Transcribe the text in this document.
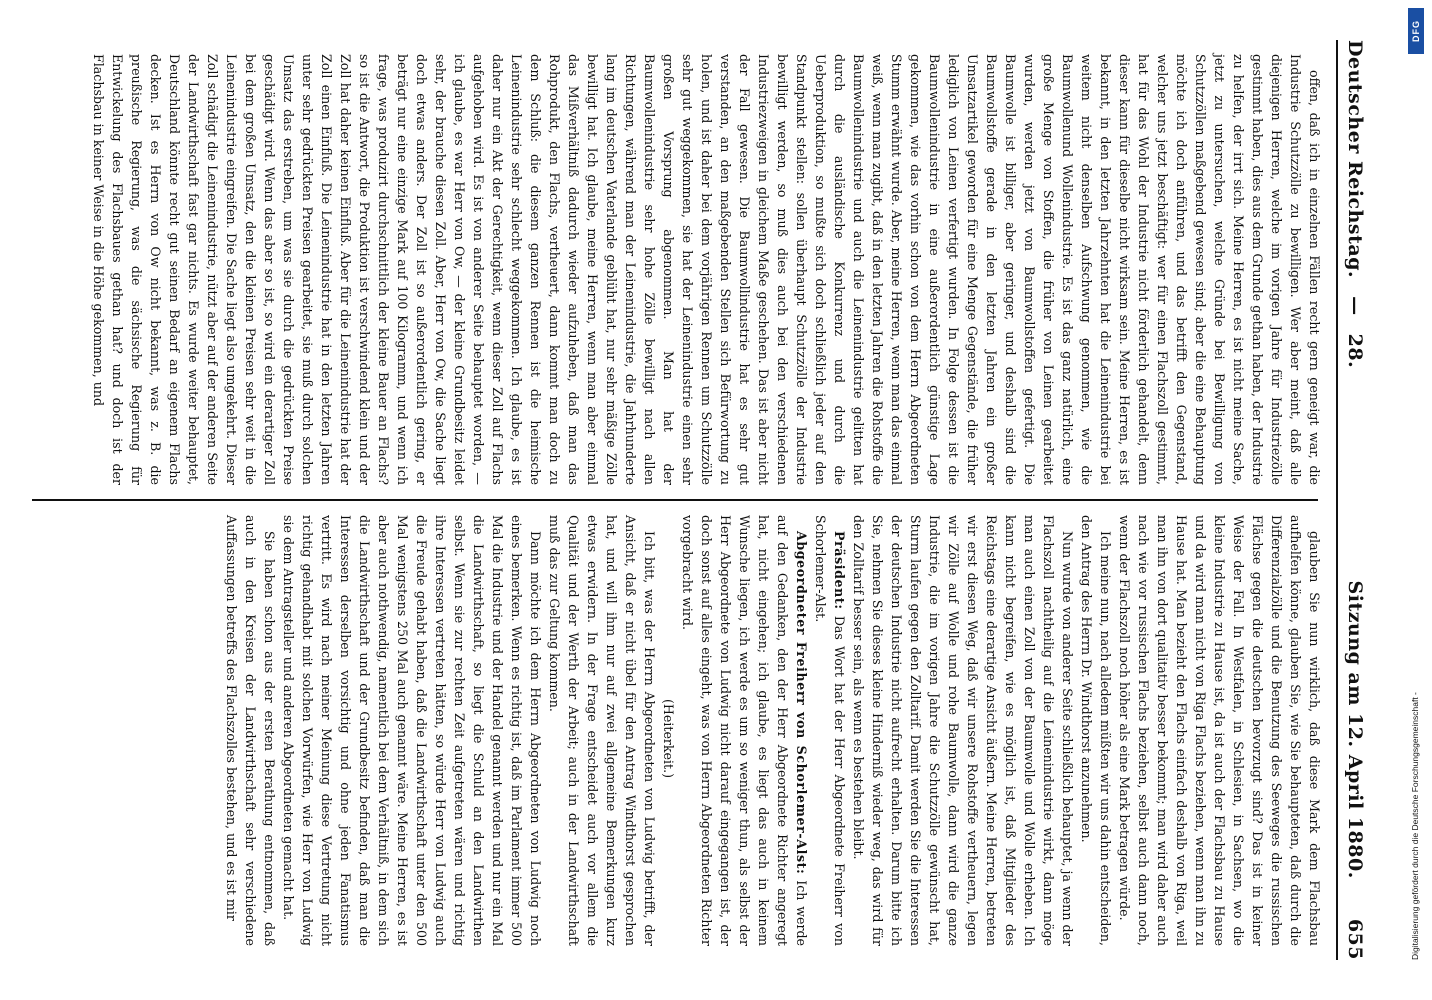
Deutscher Reichstag.
—
28.
Sitzung am 12. April 1880.
655

offen, daß ich in einzelnen Fällen recht gern geneigt war, die Industrie Schutzzölle zu bewilligen. Wer aber meint, daß alle diejenigen Herren, welche im vorigen Jahre für Industriezölle gestimmt haben, dies aus dem Grunde gethan haben, der Industrie zu helfen, der irrt sich. Meine Herren, es ist nicht meine Sache, jetzt zu untersuchen, welche Gründe bei Bewilligung von Schutzzöllen maßgebend gewesen sind; aber die eine Behauptung möchte ich doch anführen, und das betrifft den Gegenstand, welcher uns jetzt beschäftigt: wer für einen Flachszoll gestimmt, hat für das Wohl der Industrie nicht förderlich gehandelt, denn dieser kann für dieselbe nicht wirksam sein. Meine Herren, es ist bekannt, in den letzten Jahrzehnten hat die Leinenindustrie bei weitem nicht denselben Aufschwung genommen, wie die Baumwollenund Wollenindustrie. Es ist das ganz natürlich, eine große Menge von Stoffen, die früher von Leinen gearbeitet wurden, werden jetzt von Baumwollstoffen gefertigt. Die Baumwolle ist billiger, aber geringer, und deshalb sind die Baumwollstoffe gerade in den letzten Jahren ein großer Umsatzartikel geworden für eine Menge Gegenstände, die früher lediglich von Leinen verfertigt wurden. In Folge dessen ist die Baumwollenindustrie in eine außerordentlich günstige Lage gekommen, wie das vorhin schon von dem Herrn Abgeordneten Stumm erwähnt wurde. Aber, meine Herren, wenn man das einmal weiß, wenn man zugibt, daß in den letzten Jahren die Rohstoffe die Baumwollenindustrie und auch die Leinenindustrie gelitten hat durch die ausländische Konkurrenz und durch die Ueberproduktion, so mußte sich doch schließlich jeder auf den Standpunkt stellen: sollen überhaupt Schutzzölle der Industrie bewilligt werden, so muß dies auch bei den verschiedenen Industriezweigen in gleichem Maße geschehen. Das ist aber nicht der Fall gewesen. Die Baumwollindustrie hat es sehr gut verstanden, an den maßgebenden Stellen sich Befürwortung zu holen, und ist daher bei dem vorjährigen Rennen um Schutzzölle sehr gut weggekommen, sie hat der Leinenindustrie einen sehr großen Vorsprung abgenommen. Man hat der Baumwollenindustrie sehr hohe Zölle bewilligt nach allen Richtungen, während man der Leinenindustrie, die Jahrhunderte lang im deutschen Vaterlande geblüht hat, nur sehr mäßige Zölle bewilligt hat. Ich glaube, meine Herren, wenn man aber einmal das Mißverhältniß dadurch wieder aufzuheben, daß man das Rohprodukt, den Flachs, vertheuert, dann kommt man doch zu dem Schluß: die diesem ganzen Rennen ist die heimische Leinenindustrie sehr schlecht weggekommen. Ich glaube, es ist daher nur ein Akt der Gerechtigkeit, wenn dieser Zoll auf Flachs aufgehoben wird. Es ist von anderer Seite behauptet worden, — ich glaube, es war Herr von Ow, — der kleine Grundbesitz leidet sehr, der brauche diesen Zoll. Aber, Herr von Ow, die Sache liegt doch etwas anders. Der Zoll ist so außerordentlich gering, er beträgt nur eine einzige Mark auf 100 Kilogramm, und wenn ich frage, was produzirt durchschnittlich der kleine Bauer an Flachs? so ist die Antwort, die Produktion ist verschwindend klein und der Zoll hat daher keinen Einfluß. Aber für die Leinenindustrie hat der Zoll einen Einfluß. Die Leinenindustrie hat in den letzten Jahren unter sehr gedrückten Preisen gearbeitet, sie muß durch solchen Umsatz das erstreben, um was sie durch die gedrückten Preise geschädigt wird. Wenn das aber so ist, so wird ein derartiger Zoll bei dem großen Umsatz, den die kleinen Preisen sehr weit in die Leinenindustrie eingreifen. Die Sache liegt also umgekehrt. Dieser Zoll schädigt die Leinenindustrie, nützt aber auf der anderen Seite der Landwirthschaft fast gar nichts. Es wurde weiter behauptet, Deutschland könnte recht gut seinen Bedarf an eigenem Flachs decken. Ist es Herrn von Ow nicht bekannt, was z. B. die preußische Regierung, was die sächsische Regierung für Entwickelung des Flachsbaues gethan hat? und doch ist der Flachsbau in keiner Weise in die Höhe gekommen, und

glauben Sie nun wirklich, daß diese Mark dem Flachsbau aufhelfen könne, glauben Sie, wie Sie behaupteten, daß durch die Differenzialzölle und die Benutzung des Seeweges die russischen Flächse gegen die deutschen bevorzugt sind? Das ist in keiner Weise der Fall. In Westfalen, in Schlesien, in Sachsen, wo die kleine Industrie zu Hause ist, da ist auch der Flachsbau zu Hause und da wird man nicht von Riga Flachs beziehen, wenn man ihn zu Hause hat. Man bezieht den Flachs einfach deshalb von Riga, weil man ihn von dort qualitativ besser bekommt; man wird daher auch nach wie vor russischen Flachs beziehen, selbst auch dann noch, wenn der Flachszoll noch höher als eine Mark betragen würde.

Ich meine nun, nach alledem müßten wir uns dahin entscheiden, den Antrag des Herrn Dr. Windthorst anzunehmen.

Nun wurde von anderer Seite schließlich behauptet, ja wenn der Flachszoll nachtheilig auf die Leinenindustrie wirkt, dann möge man auch einen Zoll von der Baumwolle und Wolle erheben. Ich kann nicht begreifen, wie es möglich ist, daß Mitglieder des Reichstags eine derartige Ansicht äußern. Meine Herren, betreten wir erst diesen Weg, daß wir unsere Rohstoffe vertheuern, legen wir Zölle auf Wolle und rohe Baumwolle, dann wird die ganze Industrie, die im vorigen Jahre die Schutzzölle gewünscht hat, Sturm laufen gegen den Zolltarif. Damit werden Sie die Interessen der deutschen Industrie nicht aufrecht erhalten. Darum bitte ich Sie, nehmen Sie dieses kleine Hinderniß wieder weg, das wird für den Zolltarif besser sein, als wenn es bestehen bleibt.

Präsident: Das Wort hat der Herr Abgeordnete Freiherr von Schorlemer-Alst.

Abgeordneter Freiherr von Schorlemer-Alst: Ich werde auf den Gedanken, den der Herr Abgeordnete Richter angeregt hat, nicht eingehen; ich glaube, es liegt das auch in keinem Wunsche liegen, ich werde es um so weniger thun, als selbst der Herr Abgeordnete von Ludwig nicht darauf eingegangen ist, der doch sonst auf alles eingeht, was von Herrn Abgeordneten Richter vorgebracht wird.

(Heiterkeit.)

Ich bitt, was der Herrn Abgeordneten von Ludwig betrifft, der Ansicht, daß er nicht übel für den Antrag Windthorst gesprochen hat, und will ihm nur auf zwei allgemeine Bemerkungen kurz etwas erwidern. In der Frage entscheidet auch vor allem die Qualität und der Werth der Arbeit; auch in der Landwirthschaft muß das zur Geltung kommen.

Dann möchte ich dem Herrn Abgeordneten von Ludwig noch eines bemerken. Wenn es richtig ist, daß im Parlament immer 500 Mal die Industrie und der Handel genannt werden und nur ein Mal die Landwirthschaft, so liegt die Schuld an den Landwirthen selbst. Wenn sie zur rechten Zeit aufgetreten wären und richtig ihre Interessen vertreten hätten, so würde Herr von Ludwig auch die Freude gehabt haben, daß die Landwirthschaft unter den 500 Mal wenigstens 250 Mal auch genannt wäre. Meine Herren, es ist aber auch nothwendig, namentlich bei dem Verhältniß, in dem sich die Landwirthschaft und der Grundbesitz befinden, daß man die Interessen derselben vorsichtig und ohne jeden Fanatismus vertritt. Es wird nach meiner Meinung diese Vertretung nicht richtig gehandhabt mit solchen Vorwürfen, wie Herr von Ludwig sie dem Antragsteller und anderen Abgeordneten gemacht hat.

Sie haben schon aus der ersten Berathung entnommen, daß auch in den Kreisen der Landwirthschaft sehr verschiedene Auffassungen betreffs des Flachszolles bestehen, und es ist mir	Digitalisierung gefördert durch die Deutsche Forschungsgemeinschaft -
DFG
